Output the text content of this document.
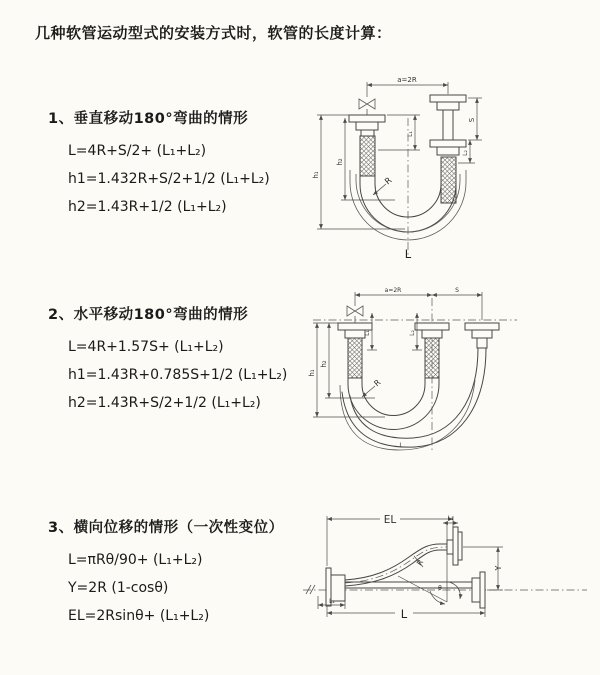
几种软管运动型式的安装方式时，软管的长度计算：

1、垂直移动180°弯曲的情形

L=4R+S/2+ (L₁+L₂)

h1=1.432R+S/2+1/2 (L₁+L₂)

h2=1.43R+1/2 (L₁+L₂)

2、水平移动180°弯曲的情形

L=4R+1.57S+ (L₁+L₂)

h1=1.43R+0.785S+1/2 (L₁+L₂)

h2=1.43R+S/2+1/2 (L₁+L₂)

3、横向位移的情形（一次性变位）

L=πRθ/90+ (L₁+L₂)

Y=2R (1-cosθ)

EL=2Rsinθ+ (L₁+L₂)

a=2R
h₁
h₂
L₁
S
L₂
R
L
a=2R	S
h₁
h₂
L₁	L₂
R
L
θ
R
EL	L₁
Y
L
L₁
